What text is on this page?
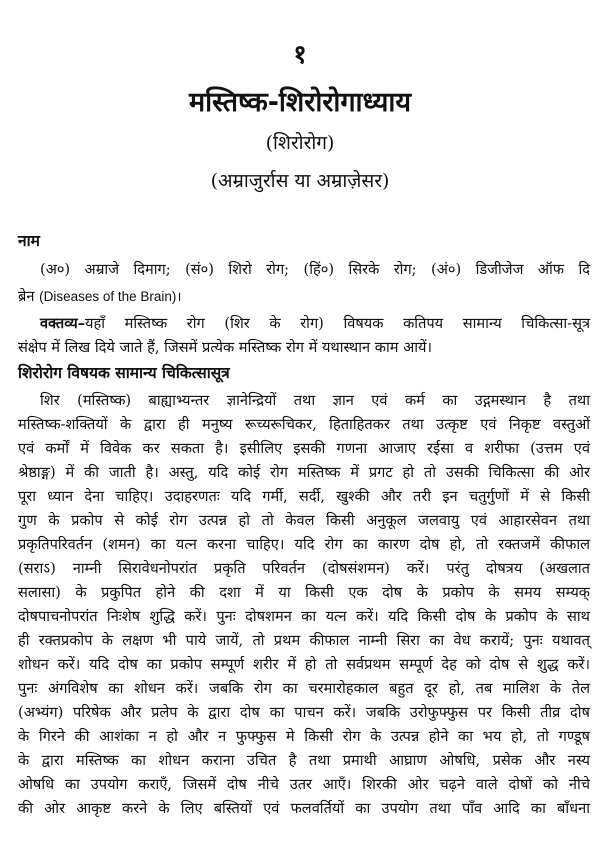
१
मस्तिष्क-शिरोरोगाध्याय
(शिरोरोग)
(अम्राजुर्रास या अम्राज़ेसर)
नाम
(अ०) अम्राजे दिमाग; (सं०) शिरो रोग; (हिं०) सिरके रोग; (अं०) डिजीजेज ऑफ दि
ब्रेन (Diseases of the Brain)।
वक्तव्य–यहाँ मस्तिष्क रोग (शिर के रोग) विषयक कतिपय सामान्य चिकित्सा-सूत्र
संक्षेप में लिख दिये जाते हैं, जिसमें प्रत्येक मस्तिष्क रोग में यथास्थान काम आयें।
शिरोरोग विषयक सामान्य चिकित्सासूत्र
शिर (मस्तिष्क) बाह्याभ्यन्तर ज्ञानेन्द्रियों तथा ज्ञान एवं कर्म का उद्गमस्थान है तथा
मस्तिष्क-शक्तियों के द्वारा ही मनुष्य रूच्यरूचिकर, हिताहितकर तथा उत्कृष्ट एवं निकृष्ट वस्तुओं
एवं कर्मों में विवेक कर सकता है। इसीलिए इसकी गणना आजाए रईसा व शरीफा (उत्तम एवं
श्रेष्ठाङ्ग) में की जाती है। अस्तु, यदि कोई रोग मस्तिष्क में प्रगट हो तो उसकी चिकित्सा की ओर
पूरा ध्यान देना चाहिए। उदाहरणतः यदि गर्मी, सर्दी, खुश्की और तरी इन चतुर्गुणों में से किसी
गुण के प्रकोप से कोई रोग उत्पन्न हो तो केवल किसी अनुकूल जलवायु एवं आहारसेवन तथा
प्रकृतिपरिवर्तन (शमन) का यत्न करना चाहिए। यदि रोग का कारण दोष हो, तो रक्तजमें कीफाल
(सराऽ) नाम्नी सिरावेधनोपरांत प्रकृति परिवर्तन (दोषसंशमन) करें। परंतु दोषत्रय (अखलात
सलासा) के प्रकुपित होने की दशा में या किसी एक दोष के प्रकोप के समय सम्यक्
दोषपाचनोपरांत निःशेष शुद्धि करें। पुनः दोषशमन का यत्न करें। यदि किसी दोष के प्रकोप के साथ
ही रक्तप्रकोप के लक्षण भी पाये जायें, तो प्रथम कीफाल नाम्नी सिरा का वेध करायें; पुनः यथावत्
शोधन करें। यदि दोष का प्रकोप सम्पूर्ण शरीर में हो तो सर्वप्रथम सम्पूर्ण देह को दोष से शुद्ध करें।
पुनः अंगविशेष का शोधन करें। जबकि रोग का चरमारोहकाल बहुत दूर हो, तब मालिश के तेल
(अभ्यंग) परिषेक और प्रलेप के द्वारा दोष का पाचन करें। जबकि उरोफुफ्फुस पर किसी तीव्र दोष
के गिरने की आशंका न हो और न फुफ्फुस मे किसी रोग के उत्पन्न होने का भय हो, तो गण्डूष
के द्वारा मस्तिष्क का शोधन कराना उचित है तथा प्रमाथी आघ्राण ओषधि, प्रसेक और नस्य
ओषधि का उपयोग कराएँ, जिसमें दोष नीचे उतर आएँ। शिरकी ओर चढ़ने वाले दोषों को नीचे
की ओर आकृष्ट करने के लिए बस्तियों एवं फलवर्तियों का उपयोग तथा पाँव आदि का बाँधना
